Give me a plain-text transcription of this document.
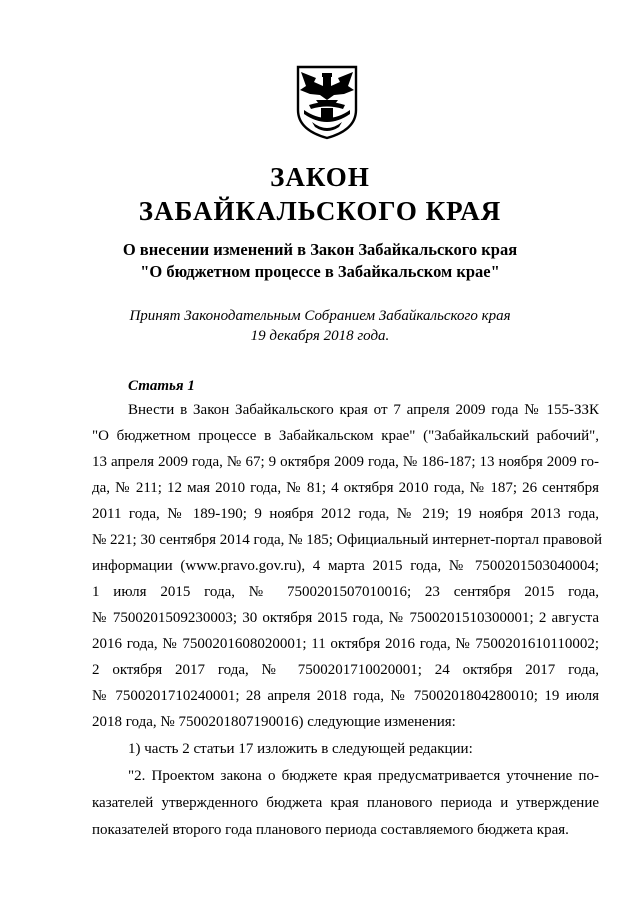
ЗАКОН
ЗАБАЙКАЛЬСКОГО КРАЯ
О внесении изменений в Закон Забайкальского края
"О бюджетном процессе в Забайкальском крае"
Принят Законодательным Собранием Забайкальского края
19 декабря 2018 года.
Статья 1
Внести в Закон Забайкальского края от 7 апреля 2009 года № 155-ЗЗК
"О бюджетном процессе в Забайкальском крае" ("Забайкальский рабочий",
13 апреля 2009 года, № 67; 9 октября 2009 года, № 186-187; 13 ноября 2009 го-
да, № 211; 12 мая 2010 года, № 81; 4 октября 2010 года, № 187; 26 сентября
2011 года, № 189-190; 9 ноября 2012 года, № 219; 19 ноября 2013 года,
№ 221; 30 сентября 2014 года, № 185; Официальный интернет-портал правовой
информации (www.pravo.gov.ru), 4 марта 2015 года, № 7500201503040004;
1 июля 2015 года, № 7500201507010016; 23 сентября 2015 года,
№ 7500201509230003; 30 октября 2015 года, № 7500201510300001; 2 августа
2016 года, № 7500201608020001; 11 октября 2016 года, № 7500201610110002;
2 октября 2017 года, № 7500201710020001; 24 октября 2017 года,
№ 7500201710240001; 28 апреля 2018 года, № 7500201804280010; 19 июля
2018 года, № 7500201807190016) следующие изменения:
1) часть 2 статьи 17 изложить в следующей редакции:
"2. Проектом закона о бюджете края предусматривается уточнение по-
казателей утвержденного бюджета края планового периода и утверждение
показателей второго года планового периода составляемого бюджета края.
